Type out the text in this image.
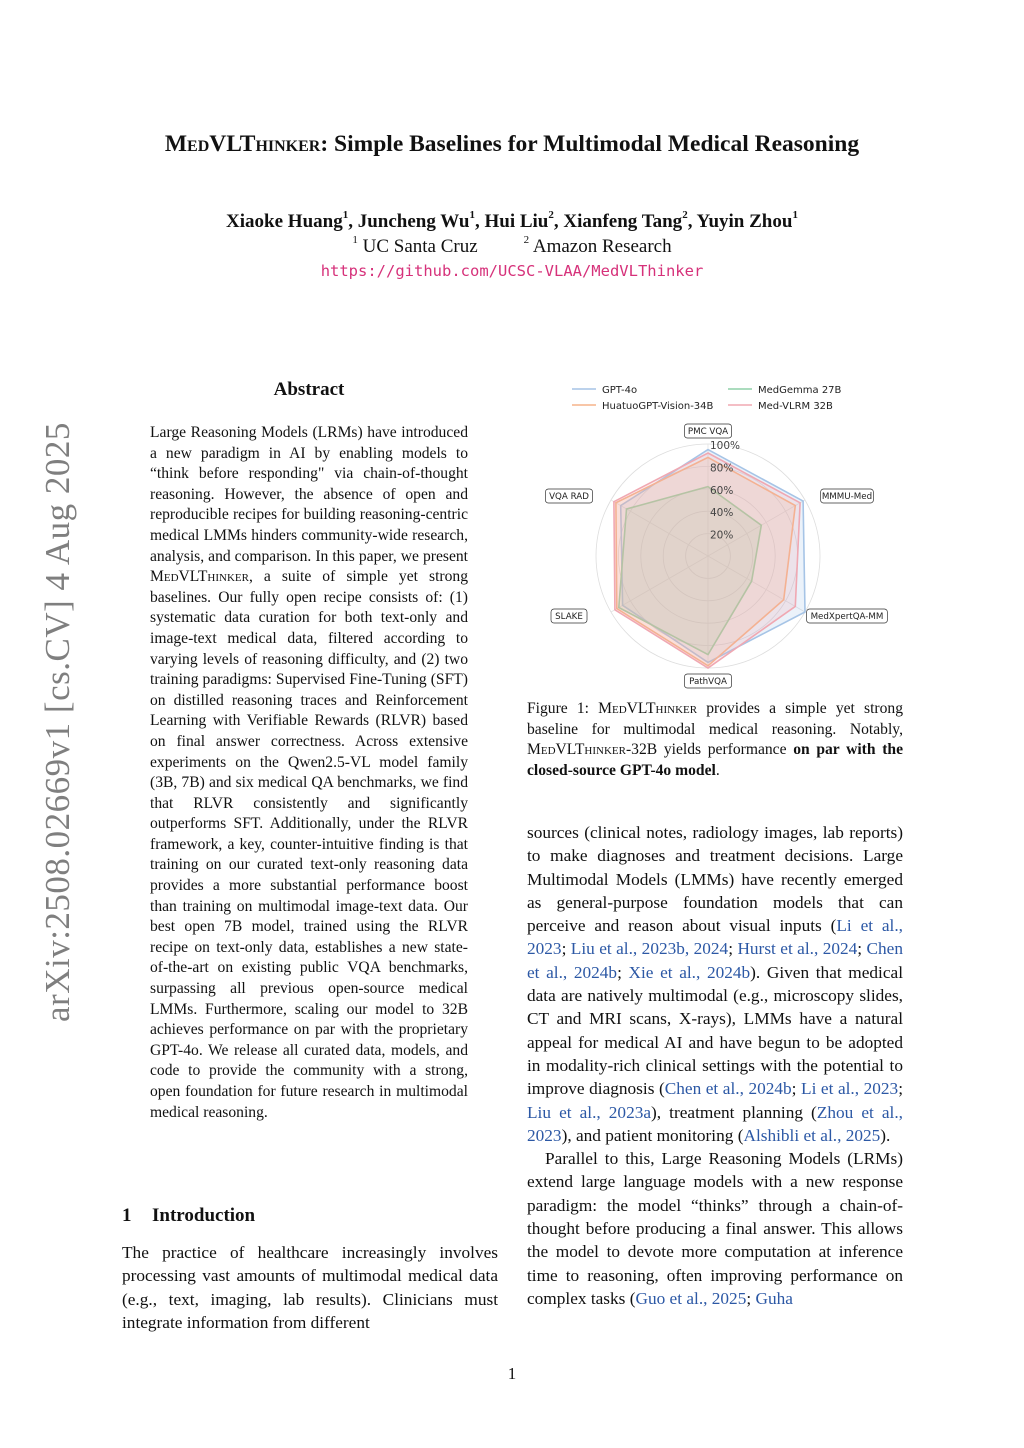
MedVLThinker: Simple Baselines for Multimodal Medical Reasoning
Xiaoke Huang$^1$, Juncheng Wu$^1$, Hui Liu$^2$, Xianfeng Tang$^2$, Yuyin Zhou$^1$
$^1$ UC Santa Cruz	$^2$ Amazon Research
https://github.com/UCSC-VLAA/MedVLThinker
arXiv:2508.02669v1 [cs.CV] 4 Aug 2025
Abstract
Large Reasoning Models (LRMs) have introduced a new paradigm in AI by enabling models to “think before responding" via chain-of-thought reasoning. However, the absence of open and reproducible recipes for building reasoning-centric medical LMMs hinders community-wide research, analysis, and comparison. In this paper, we present MedVLThinker, a suite of simple yet strong baselines. Our fully open recipe consists of: (1) systematic data curation for both text-only and image-text medical data, filtered according to varying levels of reasoning difficulty, and (2) two training paradigms: Supervised Fine-Tuning (SFT) on distilled reasoning traces and Reinforcement Learning with Verifiable Rewards (RLVR) based on final answer correctness. Across extensive experiments on the Qwen2.5-VL model family (3B, 7B) and six medical QA benchmarks, we find that RLVR consistently and significantly outperforms SFT. Additionally, under the RLVR framework, a key, counter-intuitive finding is that training on our curated text-only reasoning data provides a more substantial performance boost than training on multimodal image-text data. Our best open 7B model, trained using the RLVR recipe on text-only data, establishes a new state-of-the-art on existing public VQA benchmarks, surpassing all previous open-source medical LMMs. Furthermore, scaling our model to 32B achieves performance on par with the proprietary GPT-4o. We release all curated data, models, and code to provide the community with a strong, open foundation for future research in multimodal medical reasoning.
1 Introduction
The practice of healthcare increasingly involves processing vast amounts of multimodal medical data (e.g., text, imaging, lab results). Clinicians must integrate information from different
GPT-4o	MedGemma 27B
HuatuoGPT-Vision-34B	Med-VLRM 32B
20%
40%
60%
80%
100%
PMC VQA
MMMU-Med
MedXpertQA-MM
PathVQA
SLAKE
VQA RAD
Figure 1: MedVLThinker provides a simple yet strong baseline for multimodal medical reasoning. Notably, MedVLThinker-32B yields performance on par with the closed-source GPT-4o model.

sources (clinical notes, radiology images, lab reports) to make diagnoses and treatment decisions. Large Multimodal Models (LMMs) have recently emerged as general-purpose foundation models that can perceive and reason about visual inputs (Li et al., 2023; Liu et al., 2023b, 2024; Hurst et al., 2024; Chen et al., 2024b; Xie et al., 2024b). Given that medical data are natively multimodal (e.g., microscopy slides, CT and MRI scans, X-rays), LMMs have a natural appeal for medical AI and have begun to be adopted in modality-rich clinical settings with the potential to improve diagnosis (Chen et al., 2024b; Li et al., 2023; Liu et al., 2023a), treatment planning (Zhou et al., 2023), and patient monitoring (Alshibli et al., 2025).

Parallel to this, Large Reasoning Models (LRMs) extend large language models with a new response paradigm: the model “thinks” through a chain-of-thought before producing a final answer. This allows the model to devote more computation at inference time to reasoning, often improving performance on complex tasks (Guo et al., 2025; Guha

1
